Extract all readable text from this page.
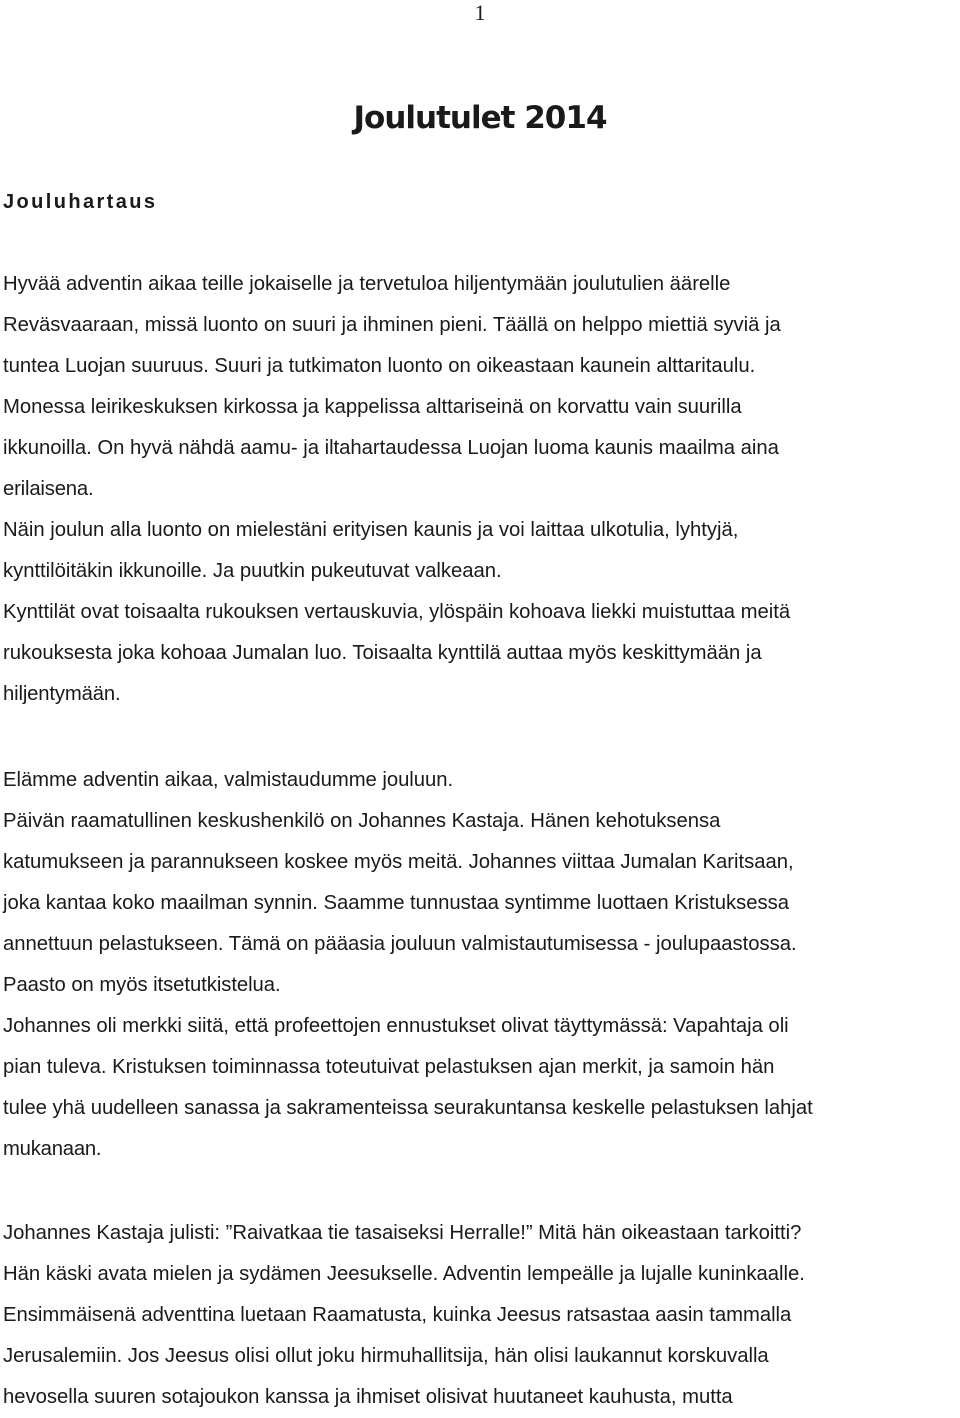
1
Joulutulet 2014
Jouluhartaus
Hyvää adventin aikaa teille jokaiselle ja tervetuloa hiljentymään joulutulien äärelle
Reväsvaaraan, missä luonto on suuri ja ihminen pieni. Täällä on helppo miettiä syviä ja
tuntea Luojan suuruus. Suuri ja tutkimaton luonto on oikeastaan kaunein alttaritaulu.
Monessa leirikeskuksen kirkossa ja kappelissa alttariseinä on korvattu vain suurilla
ikkunoilla. On hyvä nähdä aamu- ja iltahartaudessa Luojan luoma kaunis maailma aina
erilaisena.
Näin joulun alla luonto on mielestäni erityisen kaunis ja voi laittaa ulkotulia, lyhtyjä,
kynttilöitäkin ikkunoille. Ja puutkin pukeutuvat valkeaan.
Kynttilät ovat toisaalta rukouksen vertauskuvia, ylöspäin kohoava liekki muistuttaa meitä
rukouksesta joka kohoaa Jumalan luo. Toisaalta kynttilä auttaa myös keskittymään ja
hiljentymään.
Elämme adventin aikaa, valmistaudumme jouluun.
Päivän raamatullinen keskushenkilö on Johannes Kastaja. Hänen kehotuksensa
katumukseen ja parannukseen koskee myös meitä. Johannes viittaa Jumalan Karitsaan,
joka kantaa koko maailman synnin. Saamme tunnustaa syntimme luottaen Kristuksessa
annettuun pelastukseen. Tämä on pääasia jouluun valmistautumisessa - joulupaastossa.
Paasto on myös itsetutkistelua.
Johannes oli merkki siitä, että profeettojen ennustukset olivat täyttymässä: Vapahtaja oli
pian tuleva. Kristuksen toiminnassa toteutuivat pelastuksen ajan merkit, ja samoin hän
tulee yhä uudelleen sanassa ja sakramenteissa seurakuntansa keskelle pelastuksen lahjat
mukanaan.
Johannes Kastaja julisti: ”Raivatkaa tie tasaiseksi Herralle!” Mitä hän oikeastaan tarkoitti?
Hän käski avata mielen ja sydämen Jeesukselle. Adventin lempeälle ja lujalle kuninkaalle.
Ensimmäisenä adventtina luetaan Raamatusta, kuinka Jeesus ratsastaa aasin tammalla
Jerusalemiin. Jos Jeesus olisi ollut joku hirmuhallitsija, hän olisi laukannut korskuvalla
hevosella suuren sotajoukon kanssa ja ihmiset olisivat huutaneet kauhusta, mutta
